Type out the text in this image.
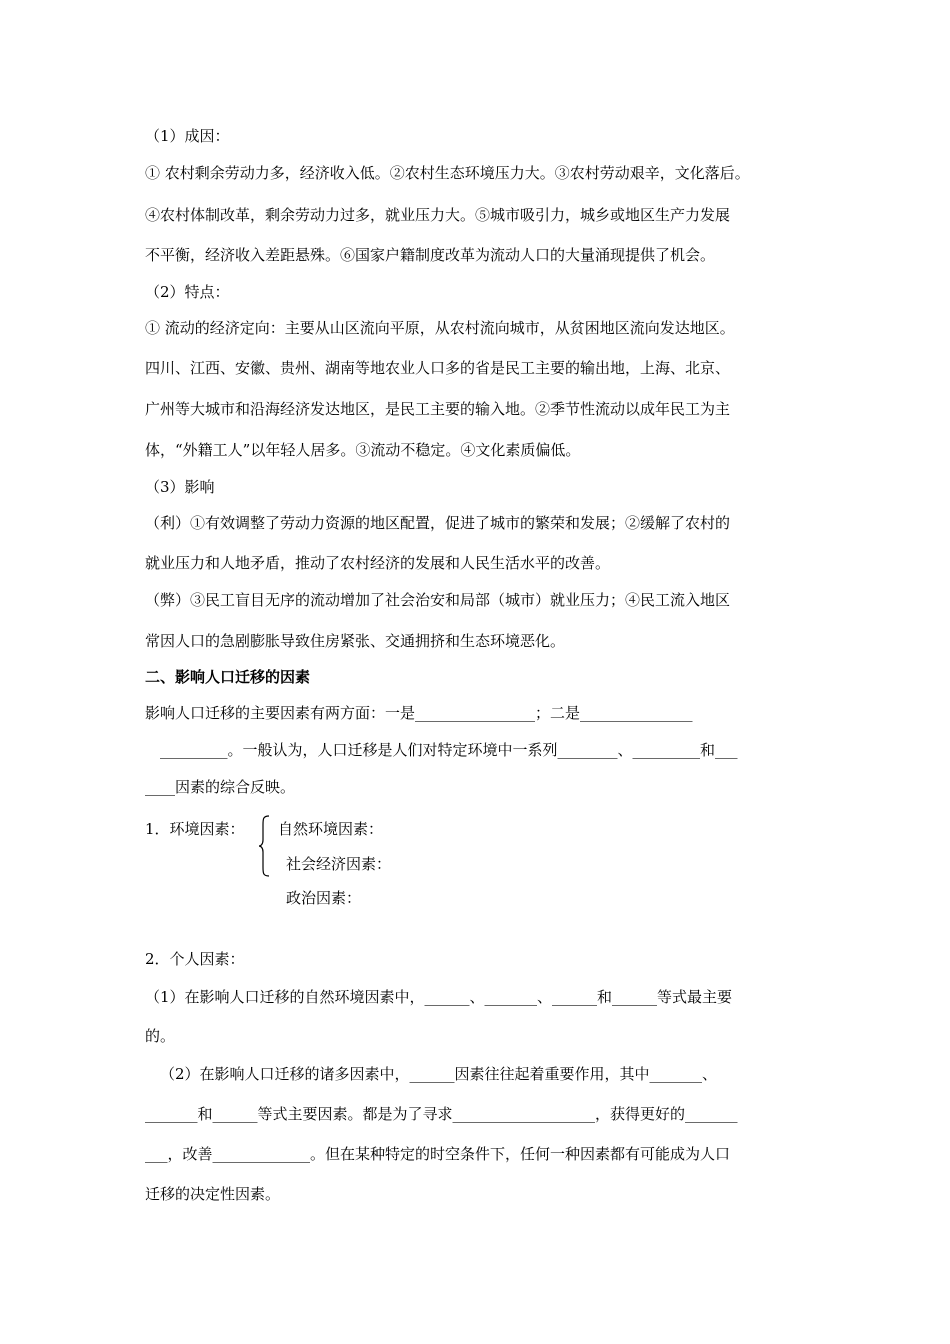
（1）成因：
① 农村剩余劳动力多，经济收入低。②农村生态环境压力大。③农村劳动艰辛，文化落后。
④农村体制改革，剩余劳动力过多，就业压力大。⑤城市吸引力，城乡或地区生产力发展
不平衡，经济收入差距悬殊。⑥国家户籍制度改革为流动人口的大量涌现提供了机会。
（2）特点：
① 流动的经济定向：主要从山区流向平原，从农村流向城市，从贫困地区流向发达地区。
四川、江西、安徽、贵州、湖南等地农业人口多的省是民工主要的输出地，上海、北京、
广州等大城市和沿海经济发达地区，是民工主要的输入地。②季节性流动以成年民工为主
体，“外籍工人”以年轻人居多。③流动不稳定。④文化素质偏低。
（3）影响
（利）①有效调整了劳动力资源的地区配置，促进了城市的繁荣和发展；②缓解了农村的
就业压力和人地矛盾，推动了农村经济的发展和人民生活水平的改善。
（弊）③民工盲目无序的流动增加了社会治安和局部（城市）就业压力；④民工流入地区
常因人口的急剧膨胀导致住房紧张、交通拥挤和生态环境恶化。
二、影响人口迁移的因素
影响人口迁移的主要因素有两方面：一是________________；二是_______________
_________。一般认为，人口迁移是人们对特定环境中一系列________、_________和___
____因素的综合反映。
1．环境因素： 自然环境因素：
社会经济因素：
政治因素：
2．个人因素：
（1）在影响人口迁移的自然环境因素中，______、_______、______和______等式最主要
的。
（2）在影响人口迁移的诸多因素中，______因素往往起着重要作用，其中_______、
_______和______等式主要因素。都是为了寻求___________________，获得更好的_______
___，改善_____________。但在某种特定的时空条件下，任何一种因素都有可能成为人口
迁移的决定性因素。
